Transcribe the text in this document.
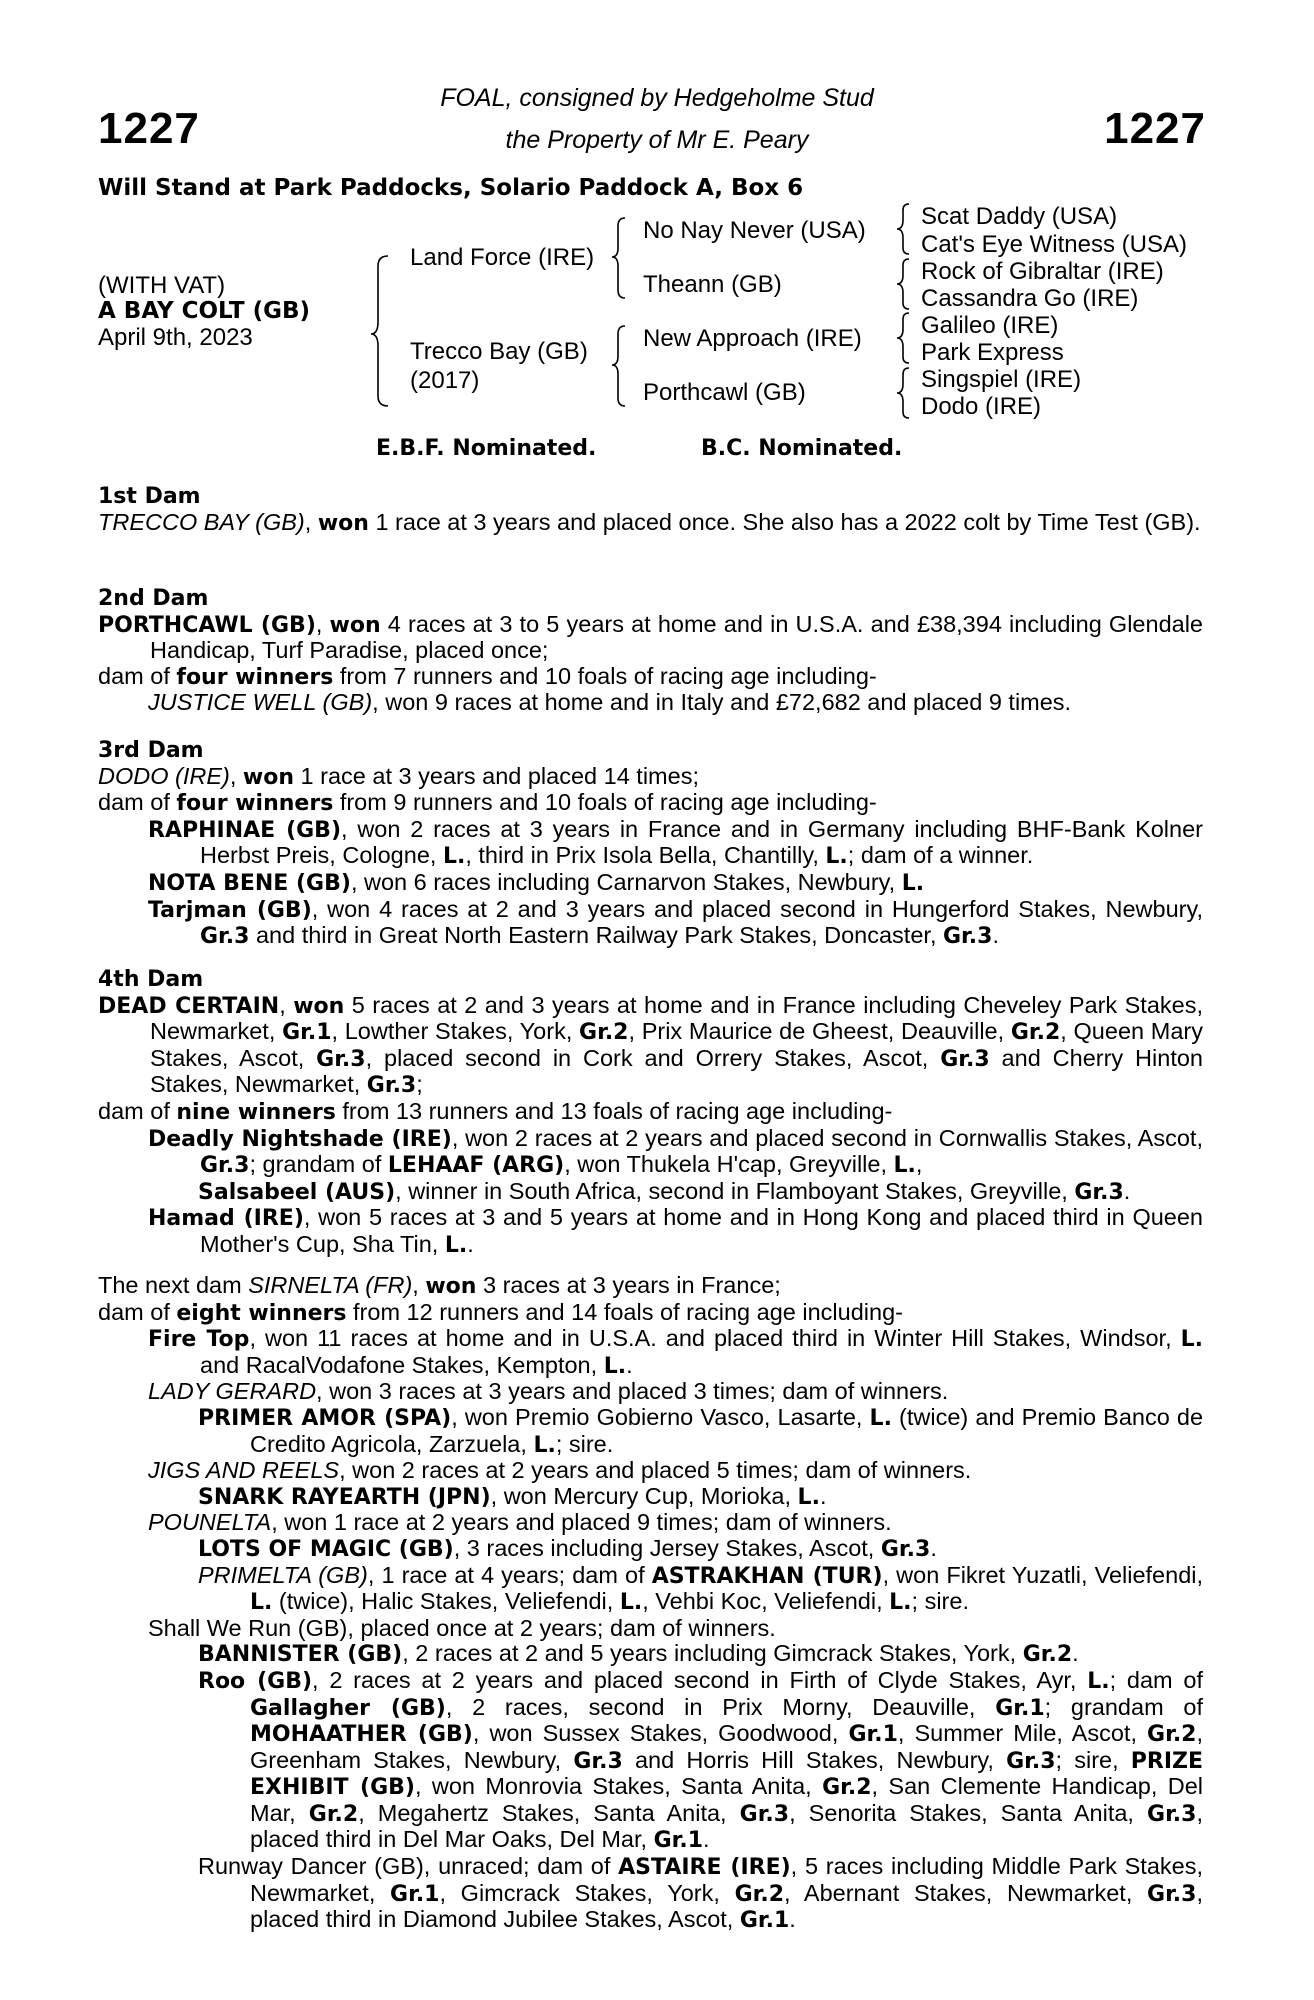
FOAL, consigned by Hedgeholme Stud
the Property of Mr E. Peary
1227	1227
Will Stand at Park Paddocks, Solario Paddock A, Box 6
(WITH VAT)
A BAY COLT (GB)
April 9th, 2023
Land Force (IRE)
Trecco Bay (GB)
(2017)
No Nay Never (USA)
Theann (GB)
New Approach (IRE)
Porthcawl (GB)
Scat Daddy (USA)
Cat's Eye Witness (USA)
Rock of Gibraltar (IRE)
Cassandra Go (IRE)
Galileo (IRE)
Park Express
Singspiel (IRE)
Dodo (IRE)
E.B.F. Nominated.	B.C. Nominated.
1st Dam

TRECCO BAY (GB), won 1 race at 3 years and placed once. She also has a 2022 colt by Time Test (GB).

2nd Dam

PORTHCAWL (GB), won 4 races at 3 to 5 years at home and in U.S.A. and £38,394 including Glendale Handicap, Turf Paradise, placed once;

dam of four winners from 7 runners and 10 foals of racing age including-

JUSTICE WELL (GB), won 9 races at home and in Italy and £72,682 and placed 9 times.

3rd Dam

DODO (IRE), won 1 race at 3 years and placed 14 times;

dam of four winners from 9 runners and 10 foals of racing age including-

RAPHINAE (GB), won 2 races at 3 years in France and in Germany including BHF-Bank Kolner Herbst Preis, Cologne, L., third in Prix Isola Bella, Chantilly, L.; dam of a winner.

NOTA BENE (GB), won 6 races including Carnarvon Stakes, Newbury, L.

Tarjman (GB), won 4 races at 2 and 3 years and placed second in Hungerford Stakes, Newbury, Gr.3 and third in Great North Eastern Railway Park Stakes, Doncaster, Gr.3.

4th Dam

DEAD CERTAIN, won 5 races at 2 and 3 years at home and in France including Cheveley Park Stakes, Newmarket, Gr.1, Lowther Stakes, York, Gr.2, Prix Maurice de Gheest, Deauville, Gr.2, Queen Mary Stakes, Ascot, Gr.3, placed second in Cork and Orrery Stakes, Ascot, Gr.3 and Cherry Hinton Stakes, Newmarket, Gr.3;

dam of nine winners from 13 runners and 13 foals of racing age including-

Deadly Nightshade (IRE), won 2 races at 2 years and placed second in Cornwallis Stakes, Ascot, Gr.3; grandam of LEHAAF (ARG), won Thukela H'cap, Greyville, L.,

Salsabeel (AUS), winner in South Africa, second in Flamboyant Stakes, Greyville, Gr.3.

Hamad (IRE), won 5 races at 3 and 5 years at home and in Hong Kong and placed third in Queen Mother's Cup, Sha Tin, L..

The next dam SIRNELTA (FR), won 3 races at 3 years in France;

dam of eight winners from 12 runners and 14 foals of racing age including-

Fire Top, won 11 races at home and in U.S.A. and placed third in Winter Hill Stakes, Windsor, L. and RacalVodafone Stakes, Kempton, L..

LADY GERARD, won 3 races at 3 years and placed 3 times; dam of winners.

PRIMER AMOR (SPA), won Premio Gobierno Vasco, Lasarte, L. (twice) and Premio Banco de Credito Agricola, Zarzuela, L.; sire.

JIGS AND REELS, won 2 races at 2 years and placed 5 times; dam of winners.

SNARK RAYEARTH (JPN), won Mercury Cup, Morioka, L..

POUNELTA, won 1 race at 2 years and placed 9 times; dam of winners.

LOTS OF MAGIC (GB), 3 races including Jersey Stakes, Ascot, Gr.3.

PRIMELTA (GB), 1 race at 4 years; dam of ASTRAKHAN (TUR), won Fikret Yuzatli, Veliefendi, L. (twice), Halic Stakes, Veliefendi, L., Vehbi Koc, Veliefendi, L.; sire.

Shall We Run (GB), placed once at 2 years; dam of winners.

BANNISTER (GB), 2 races at 2 and 5 years including Gimcrack Stakes, York, Gr.2.

Roo (GB), 2 races at 2 years and placed second in Firth of Clyde Stakes, Ayr, L.; dam of Gallagher (GB), 2 races, second in Prix Morny, Deauville, Gr.1; grandam of MOHAATHER (GB), won Sussex Stakes, Goodwood, Gr.1, Summer Mile, Ascot, Gr.2, Greenham Stakes, Newbury, Gr.3 and Horris Hill Stakes, Newbury, Gr.3; sire, PRIZE EXHIBIT (GB), won Monrovia Stakes, Santa Anita, Gr.2, San Clemente Handicap, Del Mar, Gr.2, Megahertz Stakes, Santa Anita, Gr.3, Senorita Stakes, Santa Anita, Gr.3, placed third in Del Mar Oaks, Del Mar, Gr.1.

Runway Dancer (GB), unraced; dam of ASTAIRE (IRE), 5 races including Middle Park Stakes, Newmarket, Gr.1, Gimcrack Stakes, York, Gr.2, Abernant Stakes, Newmarket, Gr.3, placed third in Diamond Jubilee Stakes, Ascot, Gr.1.
